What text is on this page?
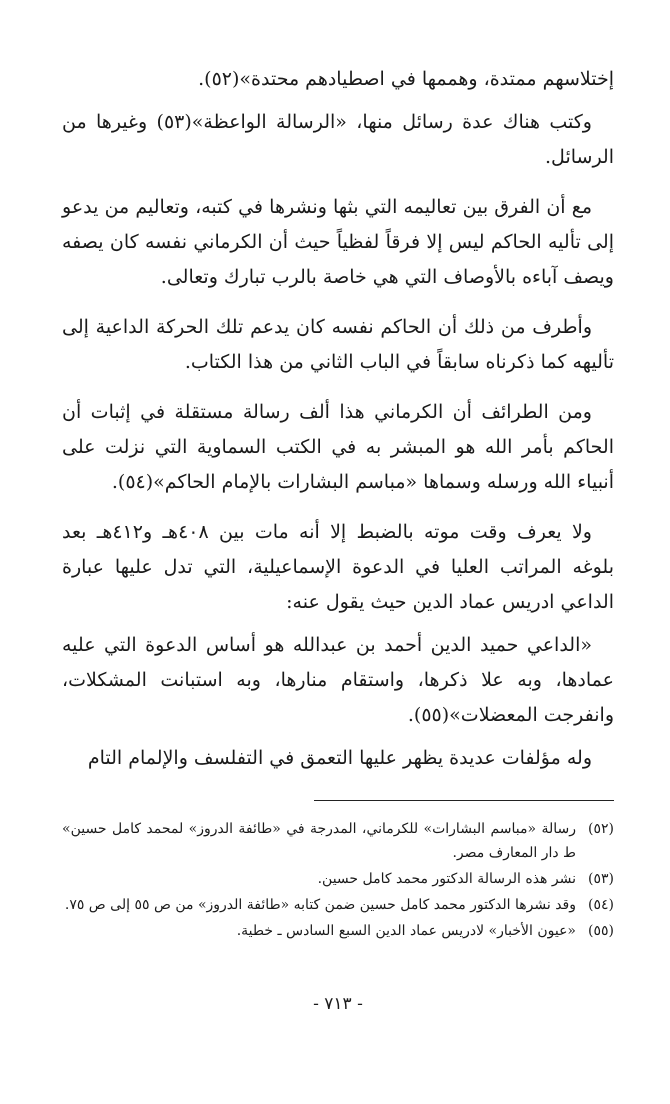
إختلاسهم ممتدة، وهممها في اصطيادهم محتدة»(٥٢).

وكتب هناك عدة رسائل منها، «الرسالة الواعظة»(٥٣) وغيرها من الرسائل.

مع أن الفرق بين تعاليمه التي بثها ونشرها في كتبه، وتعاليم من يدعو إلى تأليه الحاكم ليس إلا فرقاً لفظياً حيث أن الكرماني نفسه كان يصفه ويصف آباءه بالأوصاف التي هي خاصة بالرب تبارك وتعالى.

وأطرف من ذلك أن الحاكم نفسه كان يدعم تلك الحركة الداعية إلى تأليهه كما ذكرناه سابقاً في الباب الثاني من هذا الكتاب.

ومن الطرائف أن الكرماني هذا ألف رسالة مستقلة في إثبات أن الحاكم بأمر الله هو المبشر به في الكتب السماوية التي نزلت على أنبياء الله ورسله وسماها «مباسم البشارات بالإمام الحاكم»(٥٤).

ولا يعرف وقت موته بالضبط إلا أنه مات بين ٤٠٨هـ و٤١٢هـ بعد بلوغه المراتب العليا في الدعوة الإسماعيلية، التي تدل عليها عبارة الداعي ادريس عماد الدين حيث يقول عنه:

«الداعي حميد الدين أحمد بن عبدالله هو أساس الدعوة التي عليه عمادها، وبه علا ذكرها، واستقام منارها، وبه استبانت المشكلات، وانفرجت المعضلات»(٥٥).

وله مؤلفات عديدة يظهر عليها التعمق في التفلسف والإلمام التام

(٥٢)
رسالة «مباسم البشارات» للكرماني، المدرجة في «طائفة الدروز» لمحمد كامل حسين» ط دار المعارف مصر.

(٥٣)
نشر هذه الرسالة الدكتور محمد كامل حسين.

(٥٤)
وقد نشرها الدكتور محمد كامل حسين ضمن كتابه «طائفة الدروز» من ص ٥٥ إلى ص ٧٥.

(٥٥)
«عيون الأخبار» لادريس عماد الدين السبع السادس ـ خطية.

- ٧١٣ -
